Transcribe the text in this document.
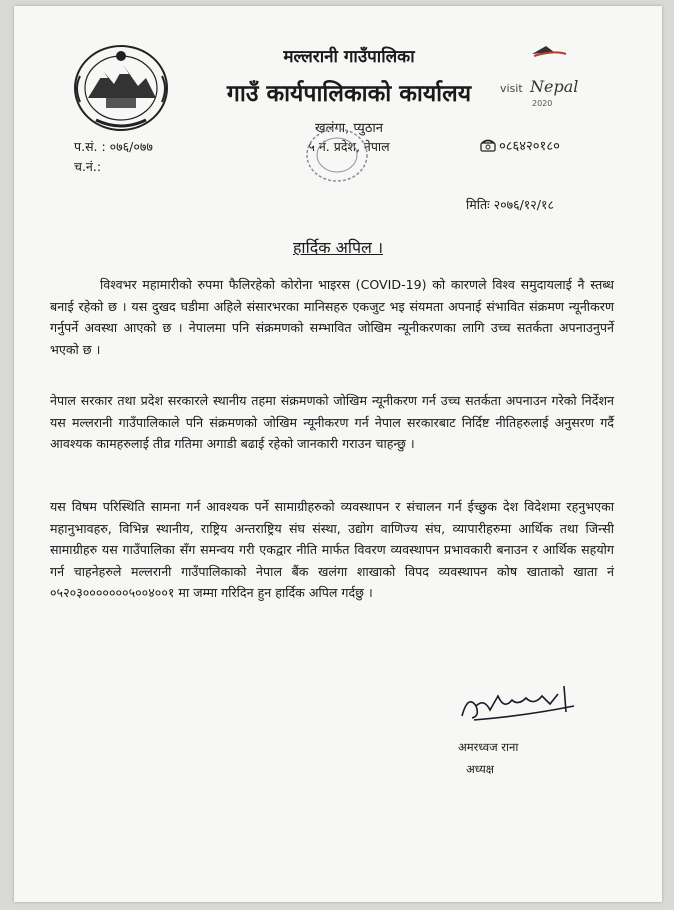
मल्लरानी गाउँपालिका
गाउँ कार्यपालिकाको कार्यालय
खलंगा, प्युठान
५ नं. प्रदेश, नेपाल
visit Nepal
2020
प.सं. : ०७६/०७७
च.नं.:
०८६४२०१८०
मितिः २०७६/१२/१८
हार्दिक अपिल ।
विश्वभर महामारीको रुपमा फैलिरहेको कोरोना भाइरस (COVID-19) को कारणले विश्व समुदायलाई नै स्तब्ध बनाई रहेको छ । यस दुखद घडीमा अहिले संसारभरका मानिसहरु एकजुट भइ संयमता अपनाई संभावित संक्रमण न्यूनीकरण गर्नुपर्ने अवस्था आएको छ । नेपालमा पनि संक्रमणको सम्भावित जोखिम न्यूनीकरणका लागि उच्च सतर्कता अपनाउनुपर्ने भएको छ ।
नेपाल सरकार तथा प्रदेश सरकारले स्थानीय तहमा संक्रमणको जोखिम न्यूनीकरण गर्न उच्च सतर्कता अपनाउन गरेको निर्देशन यस मल्लरानी गाउँपालिकाले पनि संक्रमणको जोखिम न्यूनीकरण गर्न नेपाल सरकारबाट निर्दिष्ट नीतिहरुलाई अनुसरण गर्दै आवश्यक कामहरुलाई तीव्र गतिमा अगाडी बढाई रहेको जानकारी गराउन चाहन्छु ।
यस विषम परिस्थिति सामना गर्न आवश्यक पर्ने सामाग्रीहरुको व्यवस्थापन र संचालन गर्न ईच्छुक देश विदेशमा रहनुभएका महानुभावहरु, विभिन्न स्थानीय, राष्ट्रिय अन्तराष्ट्रिय संघ संस्था, उद्योग वाणिज्य संघ, व्यापारीहरुमा आर्थिक तथा जिन्सी सामाग्रीहरु यस गाउँपालिका सँग समन्वय गरी एकद्वार नीति मार्फत विवरण व्यवस्थापन प्रभावकारी बनाउन र आर्थिक सहयोग गर्न चाहनेहरुले मल्लरानी गाउँपालिकाको नेपाल बैंक खलंगा शाखाको विपद व्यवस्थापन कोष खाताको खाता नं ०५२०३०००००००५००४००१ मा जम्मा गरिदिन हुन हार्दिक अपिल गर्दछु ।
अमरध्वज राना
अध्यक्ष
